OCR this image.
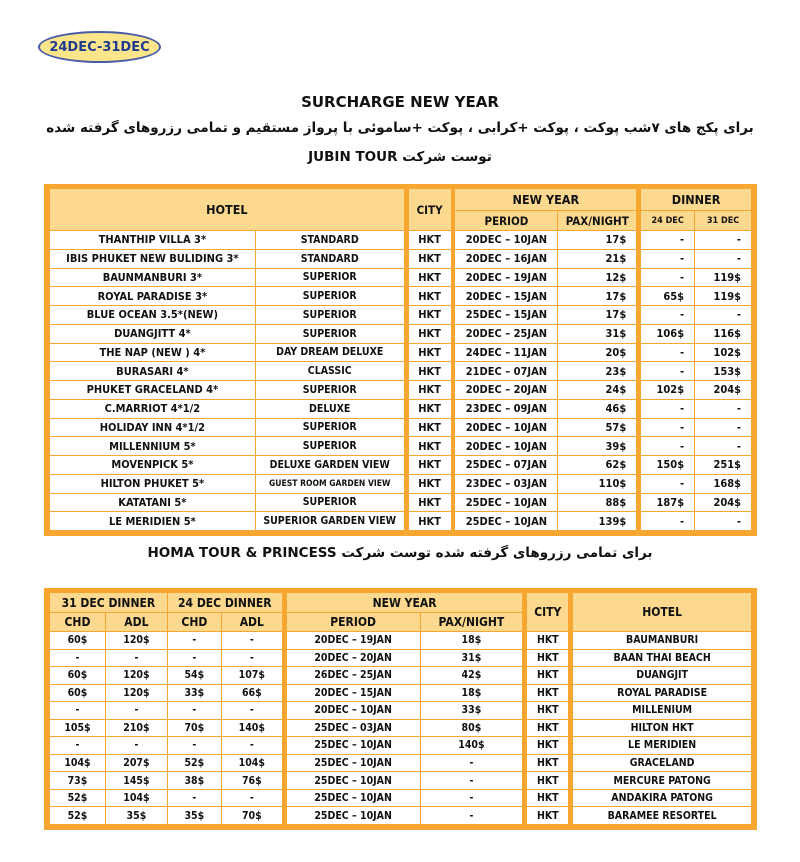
24DEC-31DEC
SURCHARGE NEW YEAR
برای پکج های ۷شب پوکت ، پوکت +کرابی ، پوکت +ساموئی با پرواز مستقیم و تمامی رزروهای گرفته شده
توست شرکت JUBIN TOUR
HOTEL			CITY		NEW YEAR			DINNER	
					PERIOD	PAX/NIGHT		24 DEC	31 DEC
THANTHIP VILLA 3*	STANDARD		HKT		20DEC – 10JAN	17$		-	-
IBIS PHUKET NEW BULIDING 3*	STANDARD		HKT		20DEC – 16JAN	21$		-	-
BAUNMANBURI 3*	SUPERIOR		HKT		20DEC – 19JAN	12$		-	119$
ROYAL PARADISE 3*	SUPERIOR		HKT		20DEC – 15JAN	17$		65$	119$
BLUE OCEAN 3.5*(NEW)	SUPERIOR		HKT		25DEC – 15JAN	17$		-	-
DUANGJITT 4*	SUPERIOR		HKT		20DEC – 25JAN	31$		106$	116$
THE NAP (NEW ) 4*	DAY DREAM DELUXE		HKT		24DEC – 11JAN	20$		-	102$
BURASARI 4*	CLASSIC		HKT		21DEC – 07JAN	23$		-	153$
PHUKET GRACELAND 4*	SUPERIOR		HKT		20DEC – 20JAN	24$		102$	204$
C.MARRIOT 4*1/2	DELUXE		HKT		23DEC – 09JAN	46$		-	-
HOLIDAY INN 4*1/2	SUPERIOR		HKT		20DEC – 10JAN	57$		-	-
MILLENNIUM 5*	SUPERIOR		HKT		20DEC – 10JAN	39$		-	-
MOVENPICK 5*	DELUXE GARDEN VIEW		HKT		25DEC – 07JAN	62$		150$	251$
HILTON PHUKET 5*	GUEST ROOM GARDEN VIEW		HKT		23DEC – 03JAN	110$		-	168$
KATATANI 5*	SUPERIOR		HKT		25DEC – 10JAN	88$		187$	204$
LE MERIDIEN 5*	SUPERIOR GARDEN VIEW		HKT		25DEC – 10JAN	139$		-	-
برای تمامی رزروهای گرفته شده توست شرکت HOMA TOUR & PRINCESS
31 DEC DINNER		24 DEC DINNER			NEW YEAR			CITY		HOTEL
CHD	ADL	CHD	ADL		PERIOD	PAX/NIGHT				
60$	120$	-	-		20DEC – 19JAN	18$		HKT		BAUMANBURI
-	-	-	-		20DEC – 20JAN	31$		HKT		BAAN THAI BEACH
60$	120$	54$	107$		26DEC – 25JAN	42$		HKT		DUANGJIT
60$	120$	33$	66$		20DEC – 15JAN	18$		HKT		ROYAL PARADISE
-	-	-	-		20DEC – 10JAN	33$		HKT		MILLENIUM
105$	210$	70$	140$		25DEC – 03JAN	80$		HKT		HILTON HKT
-	-	-	-		25DEC – 10JAN	140$		HKT		LE MERIDIEN
104$	207$	52$	104$		25DEC – 10JAN	-		HKT		GRACELAND
73$	145$	38$	76$		25DEC – 10JAN	-		HKT		MERCURE PATONG
52$	104$	-	-		25DEC – 10JAN	-		HKT		ANDAKIRA PATONG
52$	35$	35$	70$		25DEC – 10JAN	-		HKT		BARAMEE RESORTEL
